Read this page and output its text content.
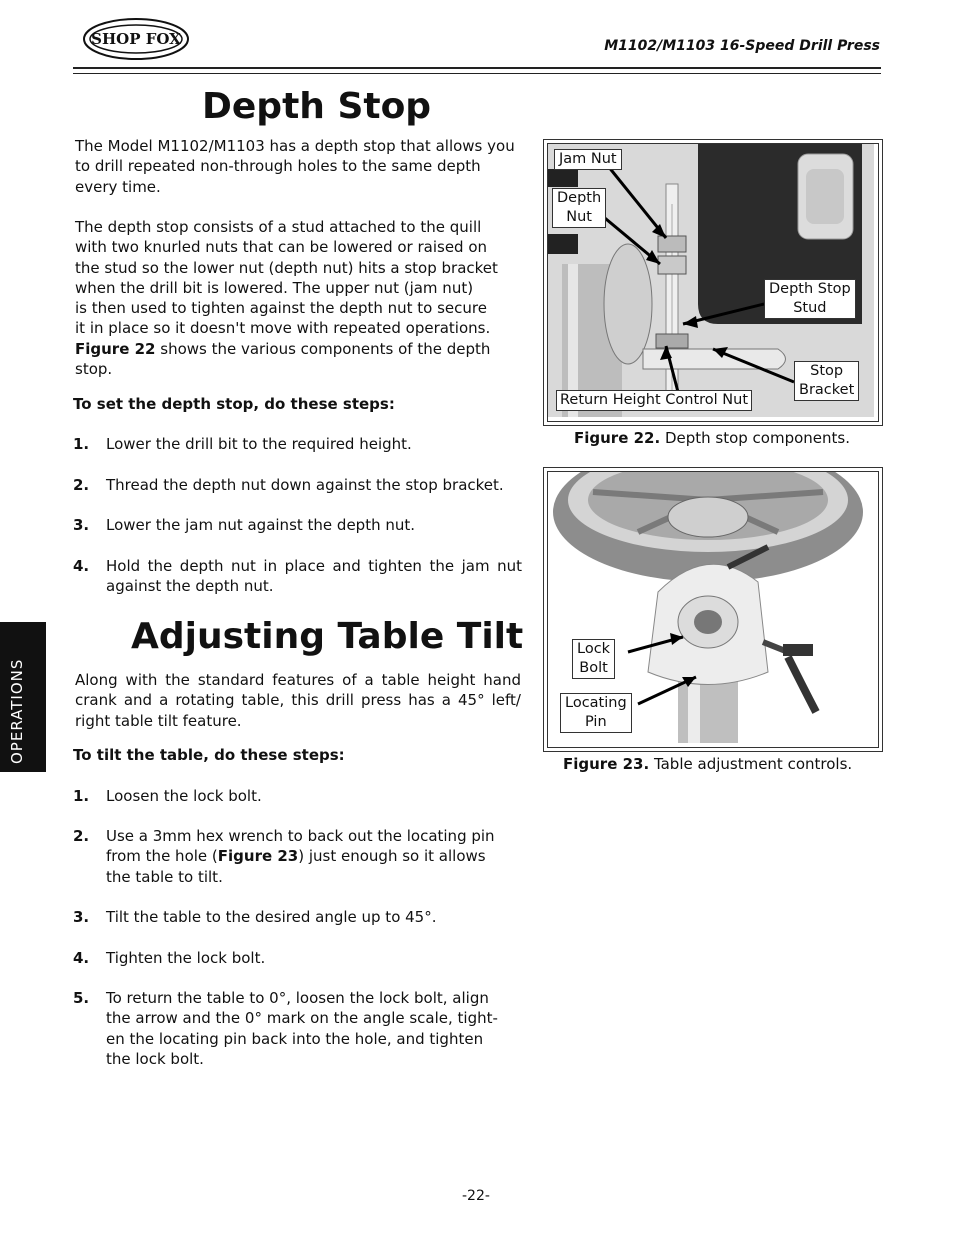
SHOP FOX	M1102/M1103 16-Speed Drill Press
Depth Stop
The Model M1102/M1103 has a depth stop that allows you to drill repeated non-through holes to the same depth every time.
The depth stop consists of a stud attached to the quill
with two knurled nuts that can be lowered or raised on
the stud so the lower nut (depth nut) hits a stop bracket
when the drill bit is lowered. The upper nut (jam nut)
is then used to tighten against the depth nut to secure
it in place so it doesn't move with repeated operations.
Figure 22 shows the various components of the depth stop.
To set the depth stop, do these steps:
1. Lower the drill bit to the required height.
2. Thread the depth nut down against the stop bracket.
3. Lower the jam nut against the depth nut.
4. Hold the depth nut in place and tighten the jam nut against the depth nut.
OPERATIONS
Adjusting Table Tilt
Along with the standard features of a table height hand crank and a rotating table, this drill press has a 45° left/ right table tilt feature.
To tilt the table, do these steps:
1. Loosen the lock bolt.
2. Use a 3mm hex wrench to back out the locating pin from the hole (Figure 23) just enough so it allows the table to tilt.
3. Tilt the table to the desired angle up to 45°.
4. Tighten the lock bolt.
5. To return the table to 0°, loosen the lock bolt, align
the arrow and the 0° mark on the angle scale, tight-
en the locating pin back into the hole, and tighten
the lock bolt.
Jam Nut
Depth
Nut
Depth Stop
Stud
Stop
Bracket
Return Height Control Nut
Figure 22. Depth stop components.
Lock
Bolt
Locating
Pin
Figure 23. Table adjustment controls.
-22-
